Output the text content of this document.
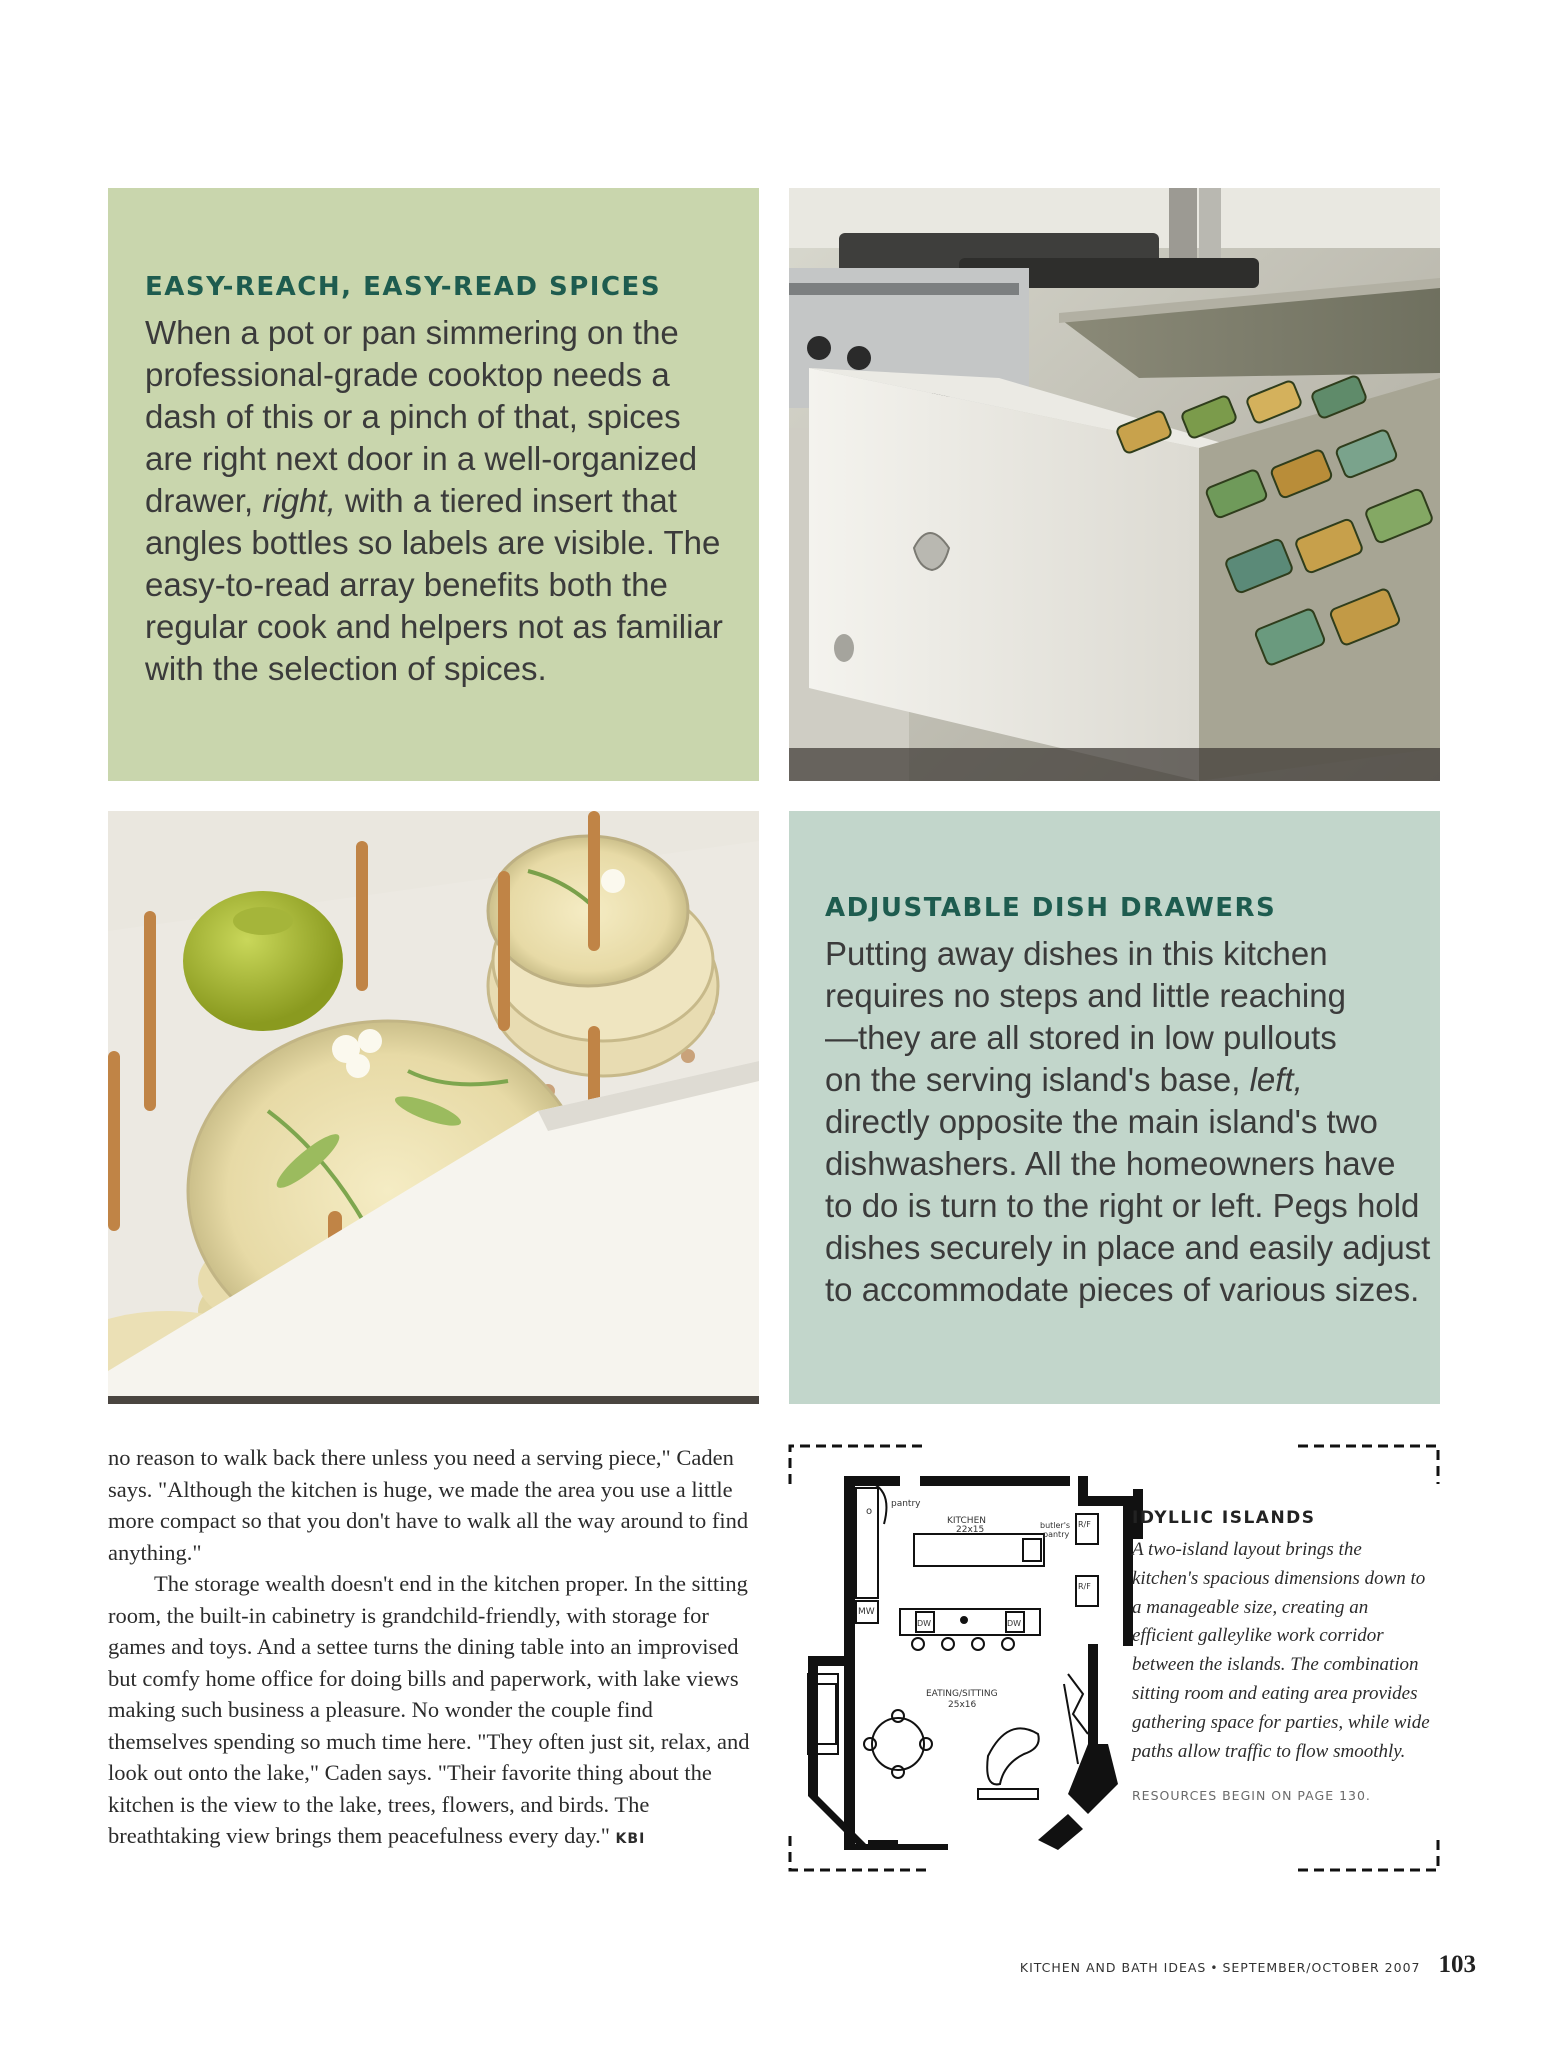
EASY-REACH, EASY-READ SPICES

When a pot or pan simmering on the
professional-grade cooktop needs a
dash of this or a pinch of that, spices
are right next door in a well-organized
drawer, right, with a tiered insert that
angles bottles so labels are visible. The
easy-to-read array benefits both the
regular cook and helpers not as familiar
with the selection of spices.

ADJUSTABLE DISH DRAWERS

Putting away dishes in this kitchen
requires no steps and little reaching
—they are all stored in low pullouts
on the serving island's base, left,
directly opposite the main island's two
dishwashers. All the homeowners have
to do is turn to the right or left. Pegs hold
dishes securely in place and easily adjust
to accommodate pieces of various sizes.

no reason to walk back there unless you need a serving piece," Caden says. "Although the kitchen is huge, we made the area you use a little more compact so that you don't have to walk all the way around to find anything."

The storage wealth doesn't end in the kitchen proper. In the sitting room, the built-in cabinetry is grandchild-friendly, with storage for games and toys. And a settee turns the dining table into an improvised but comfy home office for doing bills and paperwork, with lake views making such business a pleasure. No wonder the couple find themselves spending so much time here. "They often just sit, relax, and look out onto the lake," Caden says. "Their favorite thing about the kitchen is the view to the lake, trees, flowers, and birds. The breathtaking view brings them peacefulness every day." KBI

o
pantry
KITCHEN
22x15	butler's
pantry
R/F
R/F
MW
DW	DW
EATING/SITTING
25x16

IDYLLIC ISLANDS

A two-island layout brings the kitchen's spacious dimensions down to a manageable size, creating an efficient galleylike work corridor between the islands. The combination sitting room and eating area provides gathering space for parties, while wide paths allow traffic to flow smoothly.

RESOURCES BEGIN ON PAGE 130.

KITCHEN AND BATH IDEAS • SEPTEMBER/OCTOBER 2007 103
